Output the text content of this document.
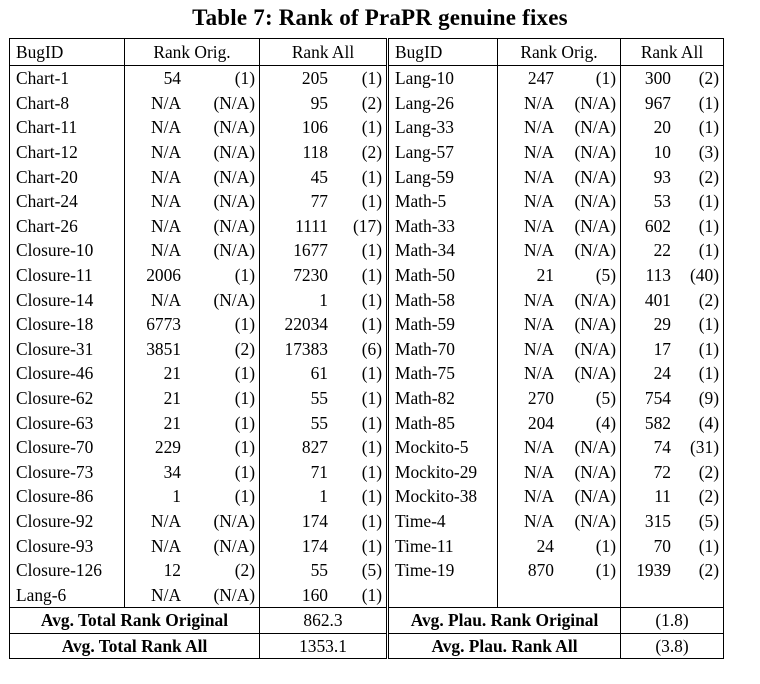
Table 7: Rank of PraPR genuine fixes
BugID	Rank Orig.		Rank All		BugID	Rank Orig.		Rank All	
Chart-1	54	(1)	205	(1)	Lang-10	247	(1)	300	(2)
Chart-8	N/A	(N/A)	95	(2)	Lang-26	N/A	(N/A)	967	(1)
Chart-11	N/A	(N/A)	106	(1)	Lang-33	N/A	(N/A)	20	(1)
Chart-12	N/A	(N/A)	118	(2)	Lang-57	N/A	(N/A)	10	(3)
Chart-20	N/A	(N/A)	45	(1)	Lang-59	N/A	(N/A)	93	(2)
Chart-24	N/A	(N/A)	77	(1)	Math-5	N/A	(N/A)	53	(1)
Chart-26	N/A	(N/A)	1111	(17)	Math-33	N/A	(N/A)	602	(1)
Closure-10	N/A	(N/A)	1677	(1)	Math-34	N/A	(N/A)	22	(1)
Closure-11	2006	(1)	7230	(1)	Math-50	21	(5)	113	(40)
Closure-14	N/A	(N/A)	1	(1)	Math-58	N/A	(N/A)	401	(2)
Closure-18	6773	(1)	22034	(1)	Math-59	N/A	(N/A)	29	(1)
Closure-31	3851	(2)	17383	(6)	Math-70	N/A	(N/A)	17	(1)
Closure-46	21	(1)	61	(1)	Math-75	N/A	(N/A)	24	(1)
Closure-62	21	(1)	55	(1)	Math-82	270	(5)	754	(9)
Closure-63	21	(1)	55	(1)	Math-85	204	(4)	582	(4)
Closure-70	229	(1)	827	(1)	Mockito-5	N/A	(N/A)	74	(31)
Closure-73	34	(1)	71	(1)	Mockito-29	N/A	(N/A)	72	(2)
Closure-86	1	(1)	1	(1)	Mockito-38	N/A	(N/A)	11	(2)
Closure-92	N/A	(N/A)	174	(1)	Time-4	N/A	(N/A)	315	(5)
Closure-93	N/A	(N/A)	174	(1)	Time-11	24	(1)	70	(1)
Closure-126	12	(2)	55	(5)	Time-19	870	(1)	1939	(2)
Lang-6	N/A	(N/A)	160	(1)					
Avg. Total Rank Original			862.3		Avg. Plau. Rank Original			(1.8)	
Avg. Total Rank All			1353.1		Avg. Plau. Rank All			(3.8)	
